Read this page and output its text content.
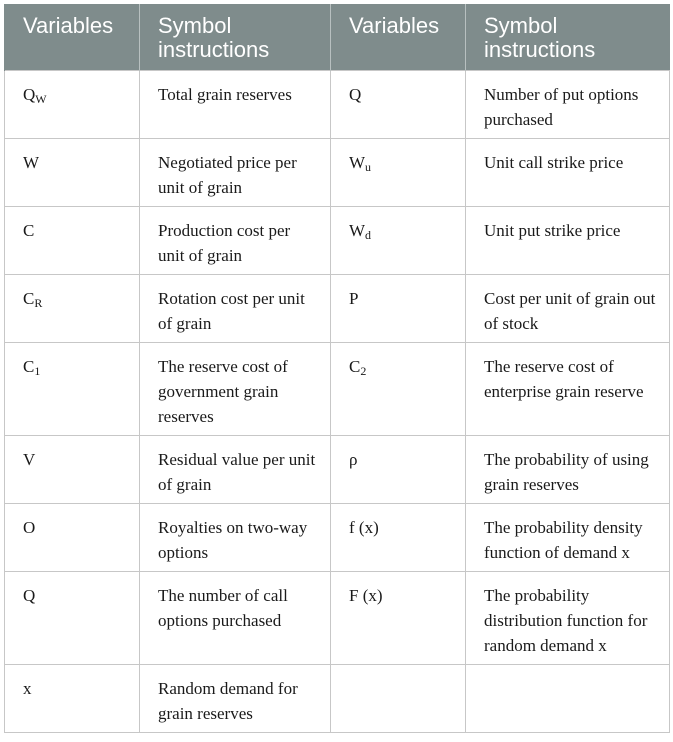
Variables	Symbol instructions	Variables	Symbol instructions
$Q_W$	Total grain reserves	Q	Number of put options purchased
W	Negotiated price per unit of grain	$W_u$	Unit call strike price
C	Production cost per unit of grain	$W_d$	Unit put strike price
$C_R$	Rotation cost per unit of grain	P	Cost per unit of grain out of stock
$C_1$	The reserve cost of government grain reserves	$C_2$	The reserve cost of enterprise grain reserve
V	Residual value per unit of grain	ρ	The probability of using grain reserves
O	Royalties on two-way options	f (x)	The probability density function of demand x
Q	The number of call options purchased	F (x)	The probability distribution function for random demand x
x	Random demand for grain reserves		
